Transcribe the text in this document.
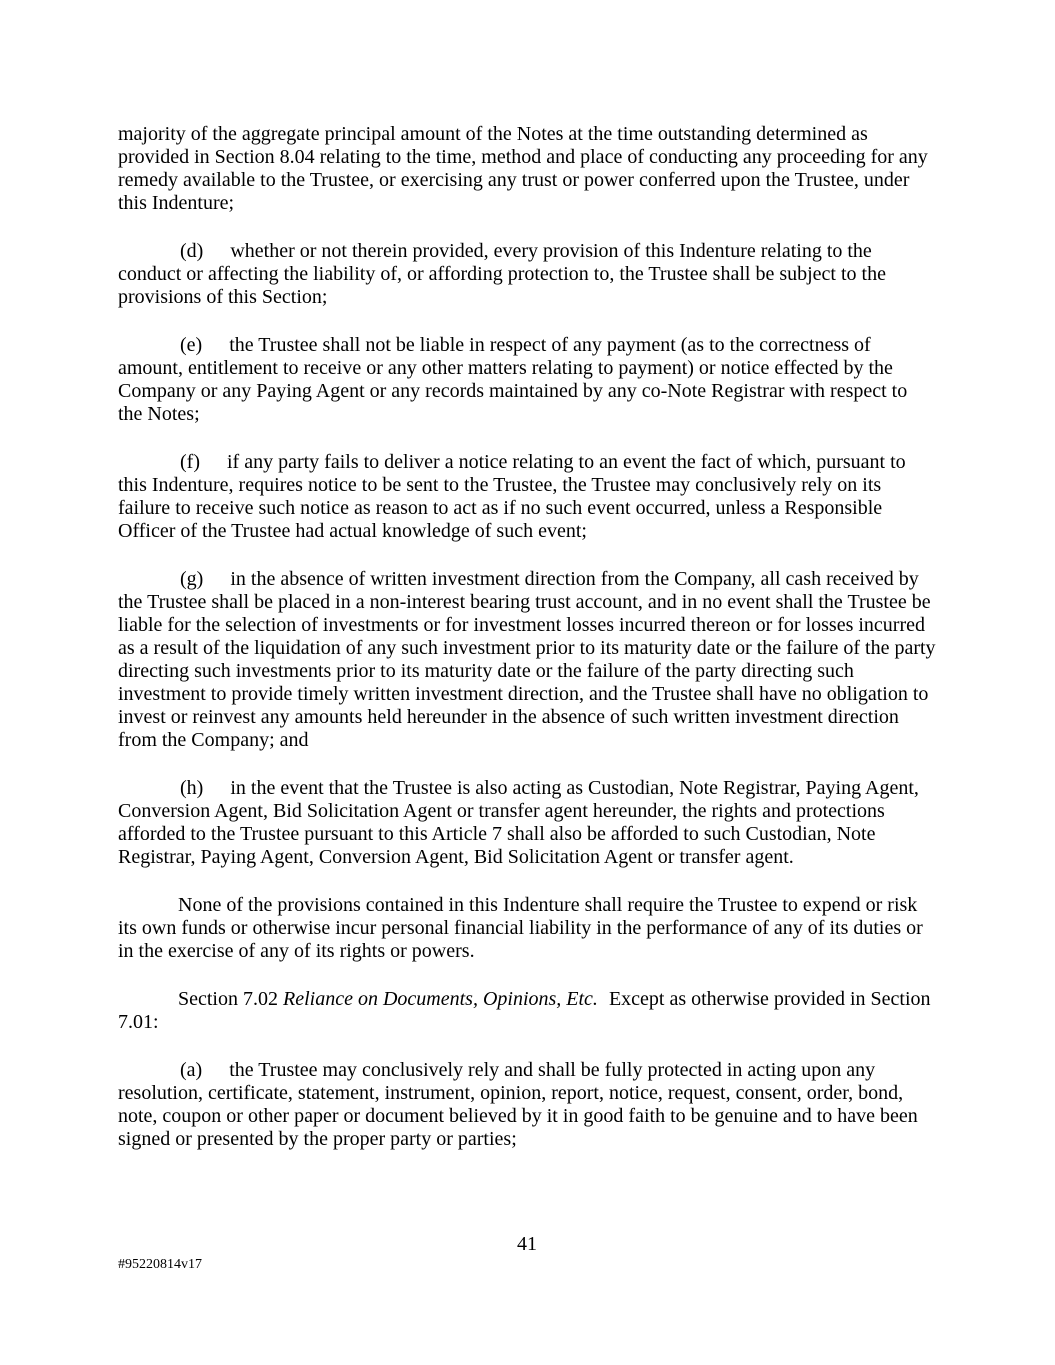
majority of the aggregate principal amount of the Notes at the time outstanding determined as provided in Section 8.04 relating to the time, method and place of conducting any proceeding for any remedy available to the Trustee, or exercising any trust or power conferred upon the Trustee, under this Indenture;

(d) whether or not therein provided, every provision of this Indenture relating to the conduct or affecting the liability of, or affording protection to, the Trustee shall be subject to the provisions of this Section;

(e) the Trustee shall not be liable in respect of any payment (as to the correctness of amount, entitlement to receive or any other matters relating to payment) or notice effected by the Company or any Paying Agent or any records maintained by any co-Note Registrar with respect to the Notes;

(f) if any party fails to deliver a notice relating to an event the fact of which, pursuant to this Indenture, requires notice to be sent to the Trustee, the Trustee may conclusively rely on its failure to receive such notice as reason to act as if no such event occurred, unless a Responsible Officer of the Trustee had actual knowledge of such event;

(g) in the absence of written investment direction from the Company, all cash received by the Trustee shall be placed in a non-interest bearing trust account, and in no event shall the Trustee be liable for the selection of investments or for investment losses incurred thereon or for losses incurred as a result of the liquidation of any such investment prior to its maturity date or the failure of the party directing such investments prior to its maturity date or the failure of the party directing such investment to provide timely written investment direction, and the Trustee shall have no obligation to invest or reinvest any amounts held hereunder in the absence of such written investment direction from the Company; and

(h) in the event that the Trustee is also acting as Custodian, Note Registrar, Paying Agent, Conversion Agent, Bid Solicitation Agent or transfer agent hereunder, the rights and protections afforded to the Trustee pursuant to this Article 7 shall also be afforded to such Custodian, Note Registrar, Paying Agent, Conversion Agent, Bid Solicitation Agent or transfer agent.

None of the provisions contained in this Indenture shall require the Trustee to expend or risk its own funds or otherwise incur personal financial liability in the performance of any of its duties or in the exercise of any of its rights or powers.

Section 7.02 Reliance on Documents, Opinions, Etc. Except as otherwise provided in Section 7.01:

(a) the Trustee may conclusively rely and shall be fully protected in acting upon any resolution, certificate, statement, instrument, opinion, report, notice, request, consent, order, bond, note, coupon or other paper or document believed by it in good faith to be genuine and to have been signed or presented by the proper party or parties;

41
#95220814v17
